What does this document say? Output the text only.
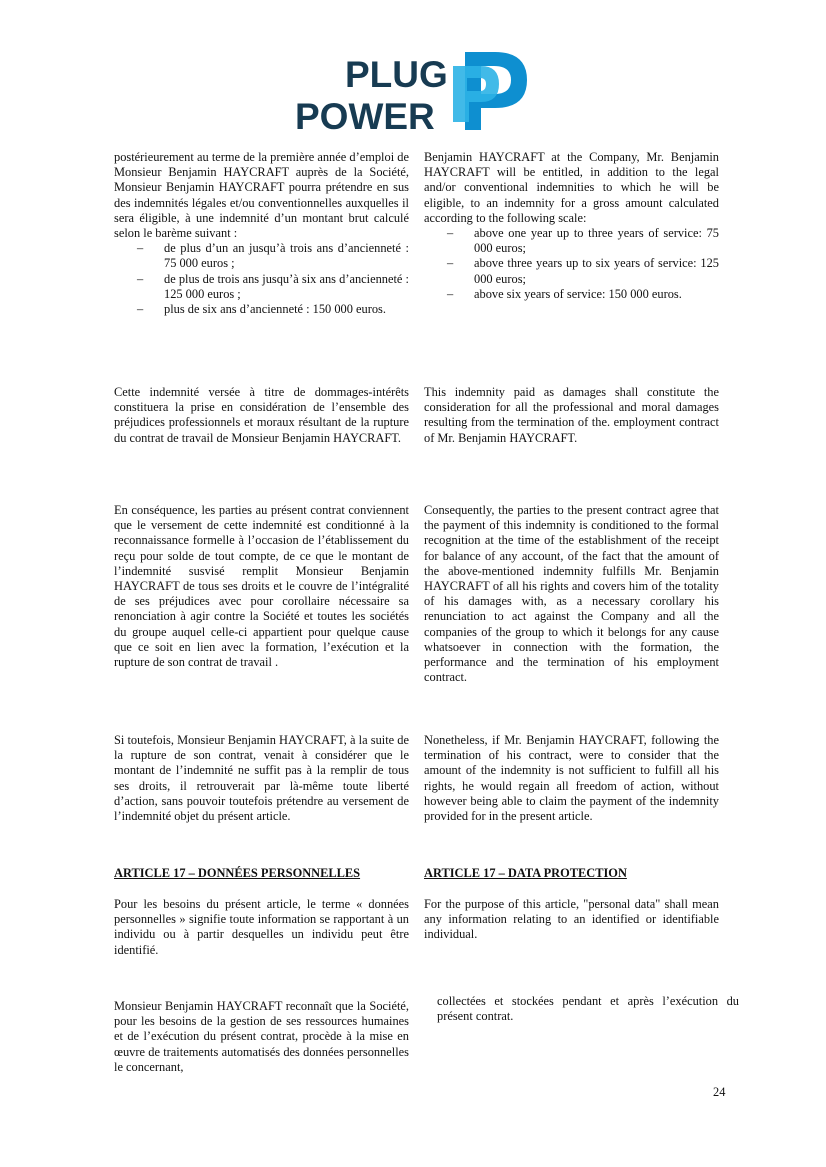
PLUG
POWER

postérieurement au terme de la première année d’emploi de Monsieur Benjamin HAYCRAFT auprès de la Société, Monsieur Benjamin HAYCRAFT pourra prétendre en sus des indemnités légales et/ou conventionnelles auxquelles il sera éligible, à une indemnité d’un montant brut calculé selon le barème suivant :

– de plus d’un an jusqu’à trois ans d’ancienneté : 75 000 euros ;
– de plus de trois ans jusqu’à six ans d’ancienneté : 125 000 euros ;
– plus de six ans d’ancienneté : 150 000 euros.

Benjamin HAYCRAFT at the Company, Mr. Benjamin HAYCRAFT will be entitled, in addition to the legal and/or conventional indemnities to which he will be eligible, to an indemnity for a gross amount calculated according to the following scale:

– above one year up to three years of service: 75 000 euros;
– above three years up to six years of service: 125 000 euros;
– above six years of service: 150 000 euros.

Cette indemnité versée à titre de dommages-intérêts constituera la prise en considération de l’ensemble des préjudices professionnels et moraux résultant de la rupture du contrat de travail de Monsieur Benjamin HAYCRAFT.

This indemnity paid as damages shall constitute the consideration for all the professional and moral damages resulting from the termination of the. employment contract of Mr. Benjamin HAYCRAFT.

En conséquence, les parties au présent contrat conviennent que le versement de cette indemnité est conditionné à la reconnaissance formelle à l’occasion de l’établissement du reçu pour solde de tout compte, de ce que le montant de l’indemnité susvisé remplit Monsieur Benjamin HAYCRAFT de tous ses droits et le couvre de l’intégralité de ses préjudices avec pour corollaire nécessaire sa renonciation à agir contre la Société et toutes les sociétés du groupe auquel celle-ci appartient pour quelque cause que ce soit en lien avec la formation, l’exécution et la rupture de son contrat de travail .

Consequently, the parties to the present contract agree that the payment of this indemnity is conditioned to the formal recognition at the time of the establishment of the receipt for balance of any account, of the fact that the amount of the above-mentioned indemnity fulfills Mr. Benjamin HAYCRAFT of all his rights and covers him of the totality of his damages with, as a necessary corollary his renunciation to act against the Company and all the companies of the group to which it belongs for any cause whatsoever in connection with the formation, the performance and the termination of his employment contract.

Si toutefois, Monsieur Benjamin HAYCRAFT, à la suite de la rupture de son contrat, venait à considérer que le montant de l’indemnité ne suffit pas à la remplir de tous ses droits, il retrouverait par là-même toute liberté d’action, sans pouvoir toutefois prétendre au versement de l’indemnité objet du présent article.

Nonetheless, if Mr. Benjamin HAYCRAFT, following the termination of his contract, were to consider that the amount of the indemnity is not sufficient to fulfill all his rights, he would regain all freedom of action, without however being able to claim the payment of the indemnity provided for in the present article.

ARTICLE 17 – DONNÉES PERSONNELLES	ARTICLE 17 – DATA PROTECTION

Pour les besoins du présent article, le terme « données personnelles » signifie toute information se rapportant à un individu ou à partir desquelles un individu peut être identifié.

For the purpose of this article, "personal data" shall mean any information relating to an identified or identifiable individual.

Monsieur Benjamin HAYCRAFT reconnaît que la Société, pour les besoins de la gestion de ses ressources humaines et de l’exécution du présent contrat, procède à la mise en œuvre de traitements automatisés des données personnelles le concernant,

collectées et stockées pendant et après l’exécution du présent contrat.

24
